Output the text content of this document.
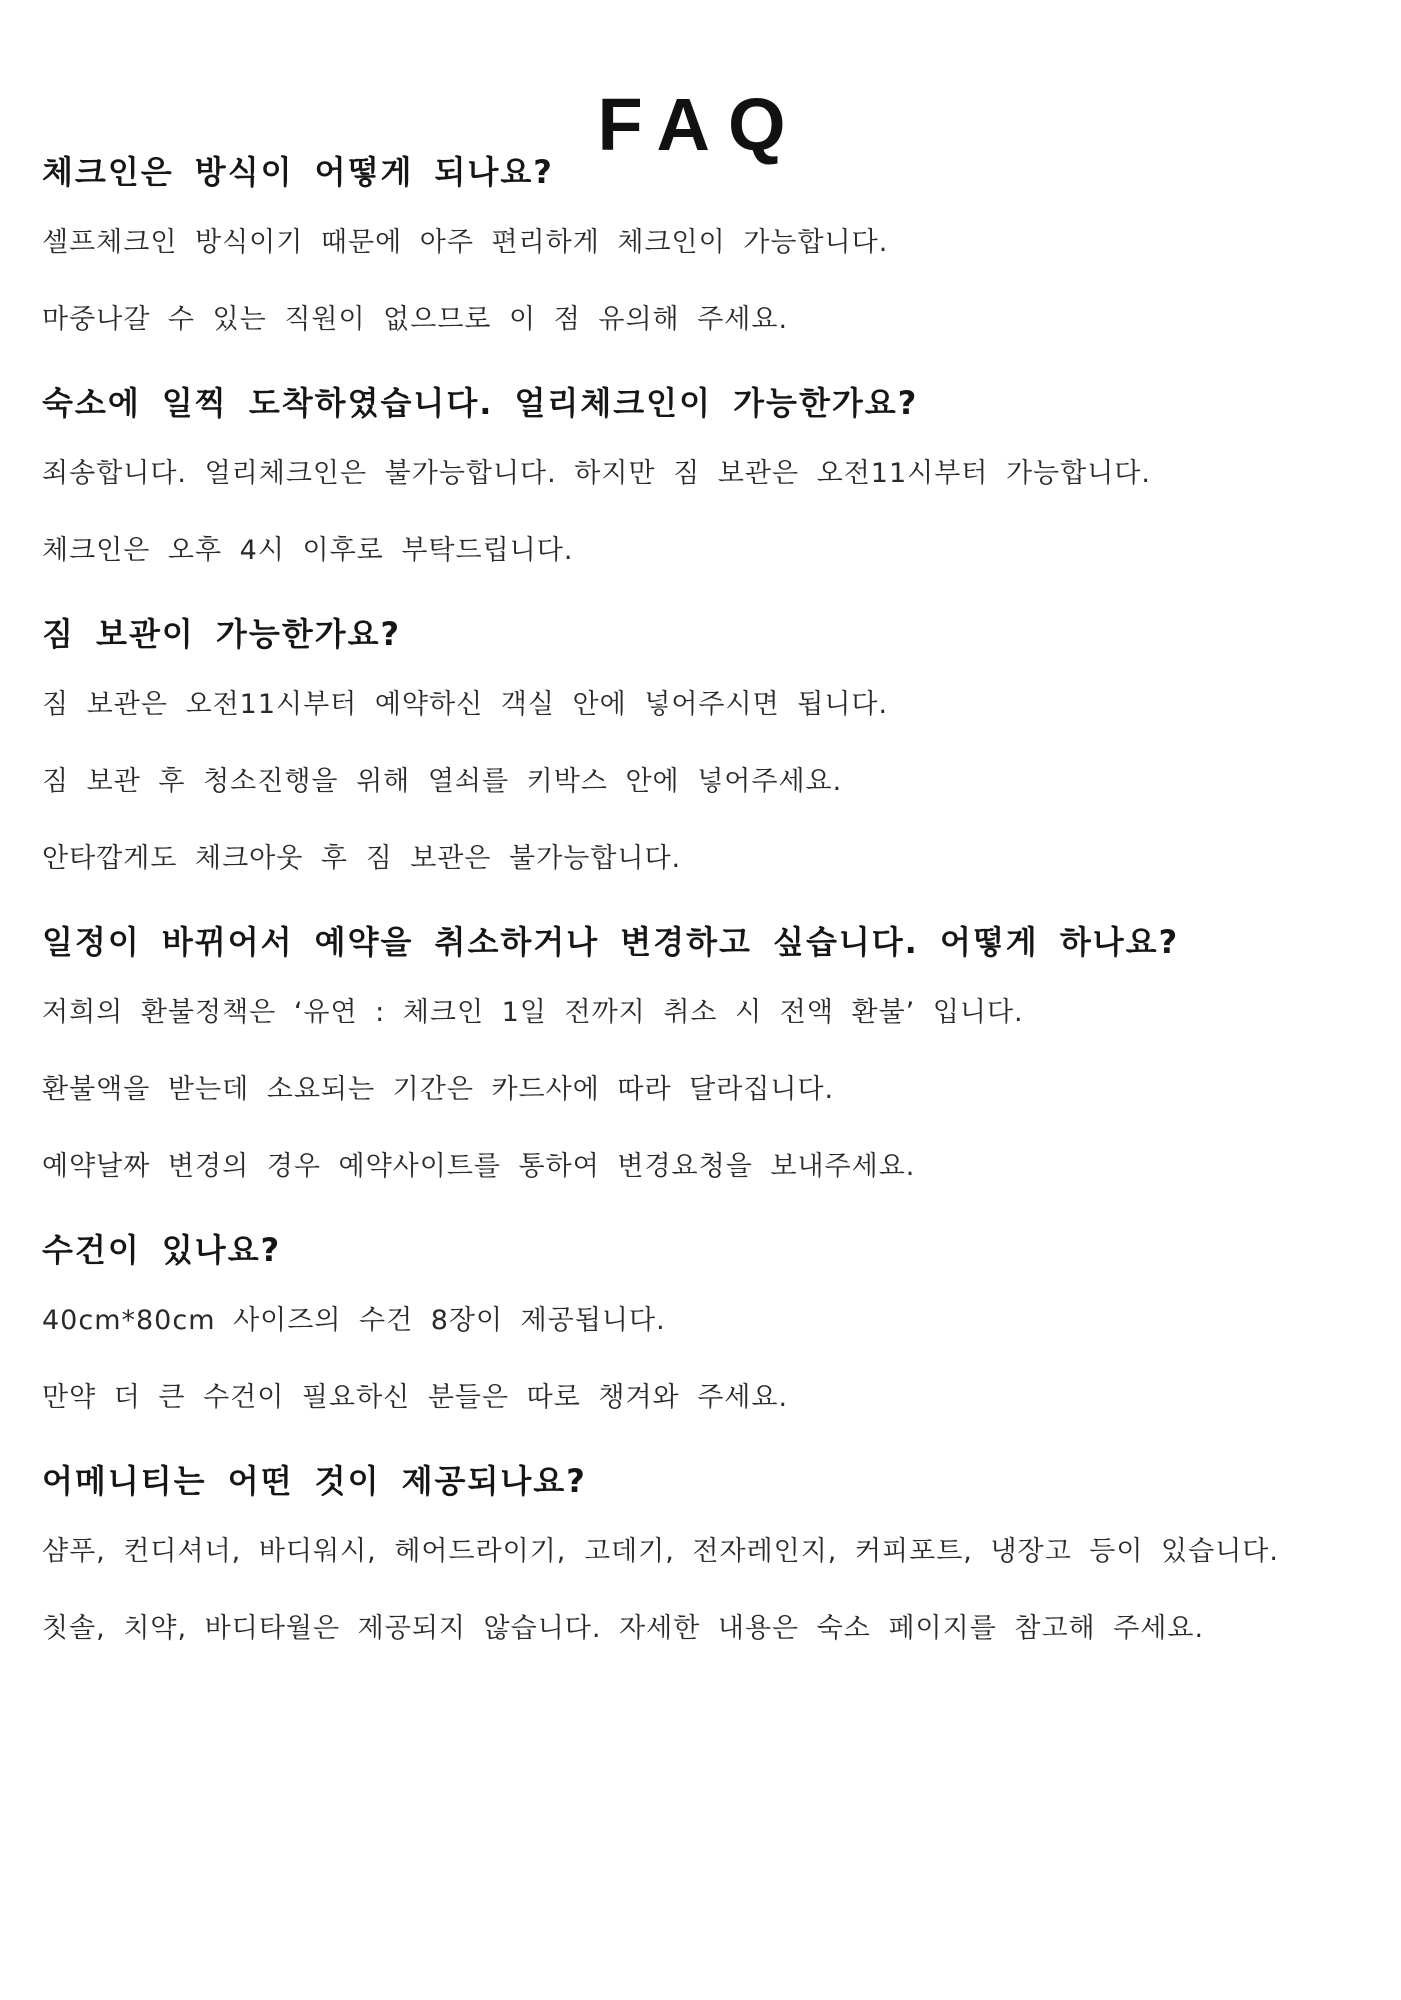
FAQ
체크인은 방식이 어떻게 되나요?

셀프체크인 방식이기 때문에 아주 편리하게 체크인이 가능합니다.

마중나갈 수 있는 직원이 없으므로 이 점 유의해 주세요.

숙소에 일찍 도착하였습니다. 얼리체크인이 가능한가요?

죄송합니다. 얼리체크인은 불가능합니다. 하지만 짐 보관은 오전11시부터 가능합니다.

체크인은 오후 4시 이후로 부탁드립니다.

짐 보관이 가능한가요?

짐 보관은 오전11시부터 예약하신 객실 안에 넣어주시면 됩니다.

짐 보관 후 청소진행을 위해 열쇠를 키박스 안에 넣어주세요.

안타깝게도 체크아웃 후 짐 보관은 불가능합니다.

일정이 바뀌어서 예약을 취소하거나 변경하고 싶습니다. 어떻게 하나요?

저희의 환불정책은 ‘유연 : 체크인 1일 전까지 취소 시 전액 환불’ 입니다.

환불액을 받는데 소요되는 기간은 카드사에 따라 달라집니다.

예약날짜 변경의 경우 예약사이트를 통하여 변경요청을 보내주세요.

수건이 있나요?

40cm*80cm 사이즈의 수건 8장이 제공됩니다.

만약 더 큰 수건이 필요하신 분들은 따로 챙겨와 주세요.

어메니티는 어떤 것이 제공되나요?

샴푸, 컨디셔너, 바디워시, 헤어드라이기, 고데기, 전자레인지, 커피포트, 냉장고 등이 있습니다.

칫솔, 치약, 바디타월은 제공되지 않습니다. 자세한 내용은 숙소 페이지를 참고해 주세요.
